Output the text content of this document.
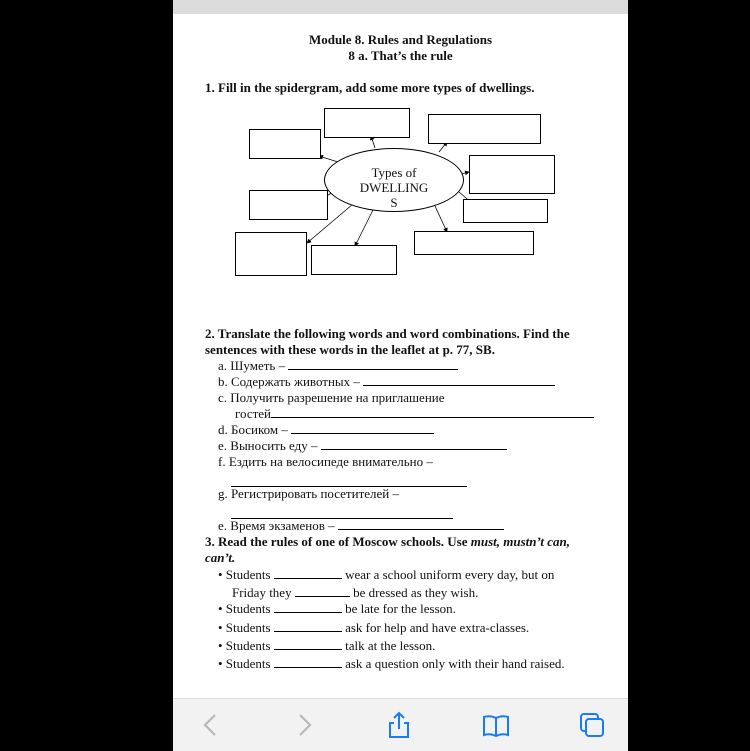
Module 8. Rules and Regulations
8 a. That’s the rule
1. Fill in the spidergram, add some more types of dwellings.
Types of
DWELLING
S
2. Translate the following words and word combinations. Find the
sentences with these words in the leaflet at p. 77, SB.
a. Шуметь –
b. Содержать животных –
c. Получить разрешение на приглашение
гостей
d. Босиком –
e. Выносить еду –
f. Ездить на велосипеде внимательно –
g. Регистрировать посетителей –
e. Время экзаменов –
3. Read the rules of one of Moscow schools. Use must, mustn’t can,
can’t.
• Students	wear a school uniform every day, but on
Friday they	be dressed as they wish.
• Students	be late for the lesson.
• Students	ask for help and have extra-classes.
• Students	talk at the lesson.
• Students	ask a question only with their hand raised.
